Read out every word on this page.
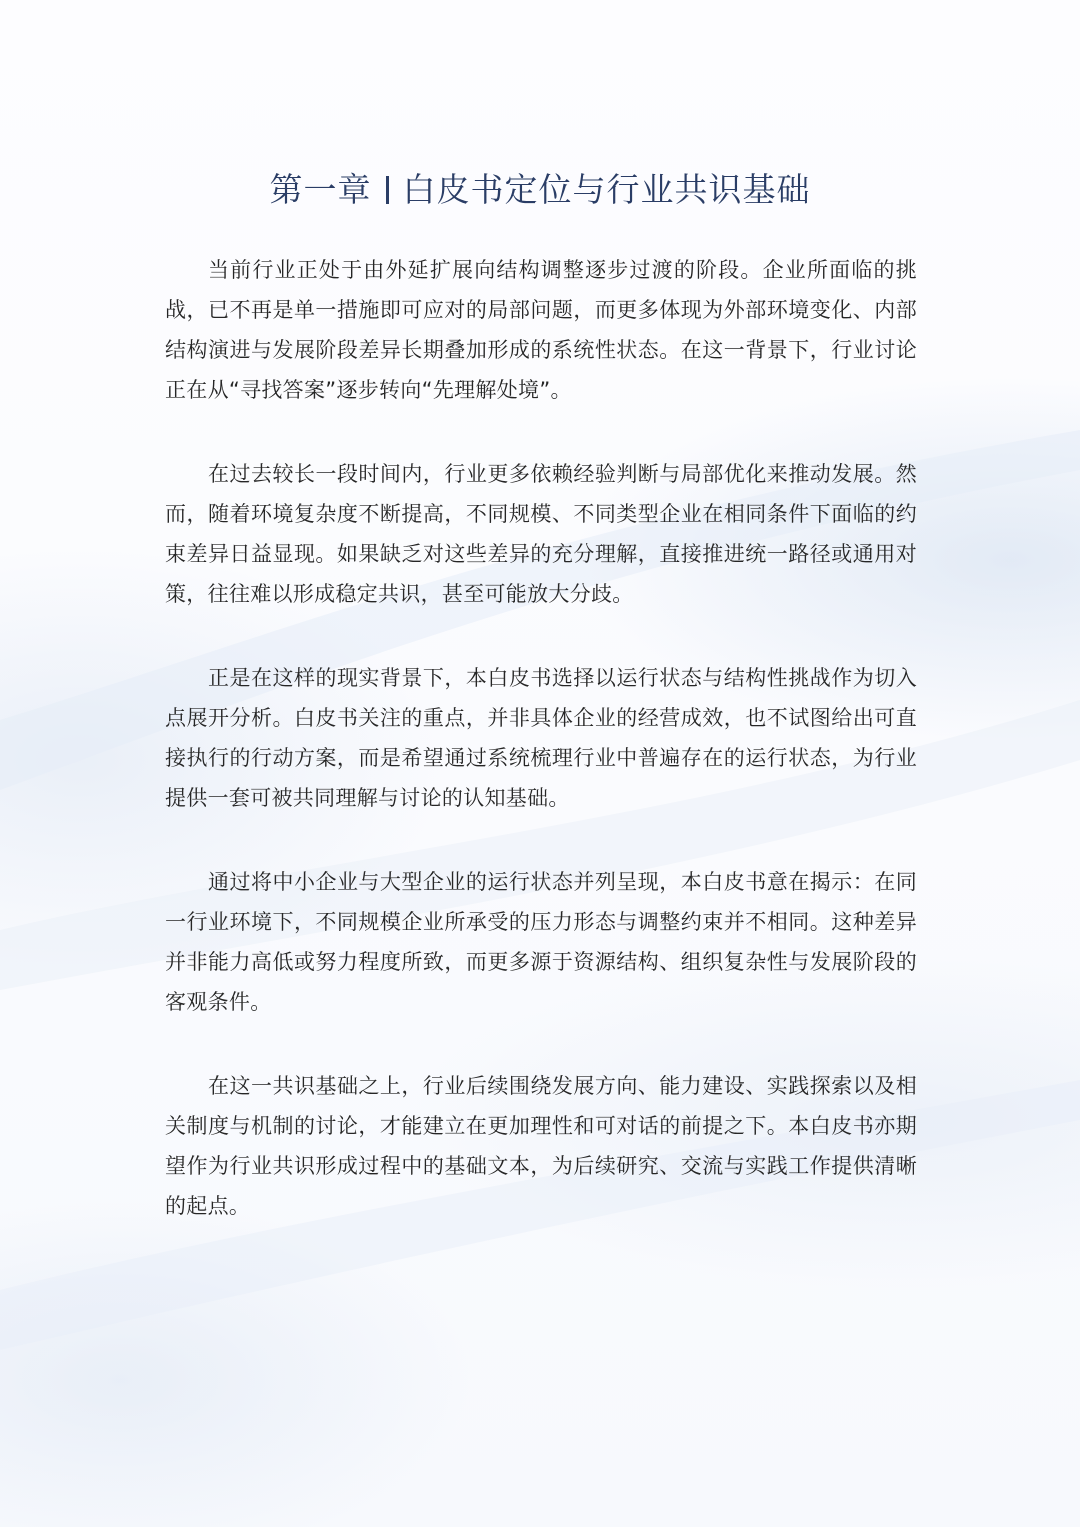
第一章 白皮书定位与行业共识基础

当前行业正处于由外延扩展向结构调整逐步过渡的阶段。企业所面临的挑战，已不再是单一措施即可应对的局部问题，而更多体现为外部环境变化、内部结构演进与发展阶段差异长期叠加形成的系统性状态。在这一背景下，行业讨论正在从“寻找答案”逐步转向“先理解处境”。

在过去较长一段时间内，行业更多依赖经验判断与局部优化来推动发展。然而，随着环境复杂度不断提高，不同规模、不同类型企业在相同条件下面临的约束差异日益显现。如果缺乏对这些差异的充分理解，直接推进统一路径或通用对策，往往难以形成稳定共识，甚至可能放大分歧。

正是在这样的现实背景下，本白皮书选择以运行状态与结构性挑战作为切入点展开分析。白皮书关注的重点，并非具体企业的经营成效，也不试图给出可直接执行的行动方案，而是希望通过系统梳理行业中普遍存在的运行状态，为行业提供一套可被共同理解与讨论的认知基础。

通过将中小企业与大型企业的运行状态并列呈现，本白皮书意在揭示：在同一行业环境下，不同规模企业所承受的压力形态与调整约束并不相同。这种差异并非能力高低或努力程度所致，而更多源于资源结构、组织复杂性与发展阶段的客观条件。

在这一共识基础之上，行业后续围绕发展方向、能力建设、实践探索以及相关制度与机制的讨论，才能建立在更加理性和可对话的前提之下。本白皮书亦期望作为行业共识形成过程中的基础文本，为后续研究、交流与实践工作提供清晰的起点。
